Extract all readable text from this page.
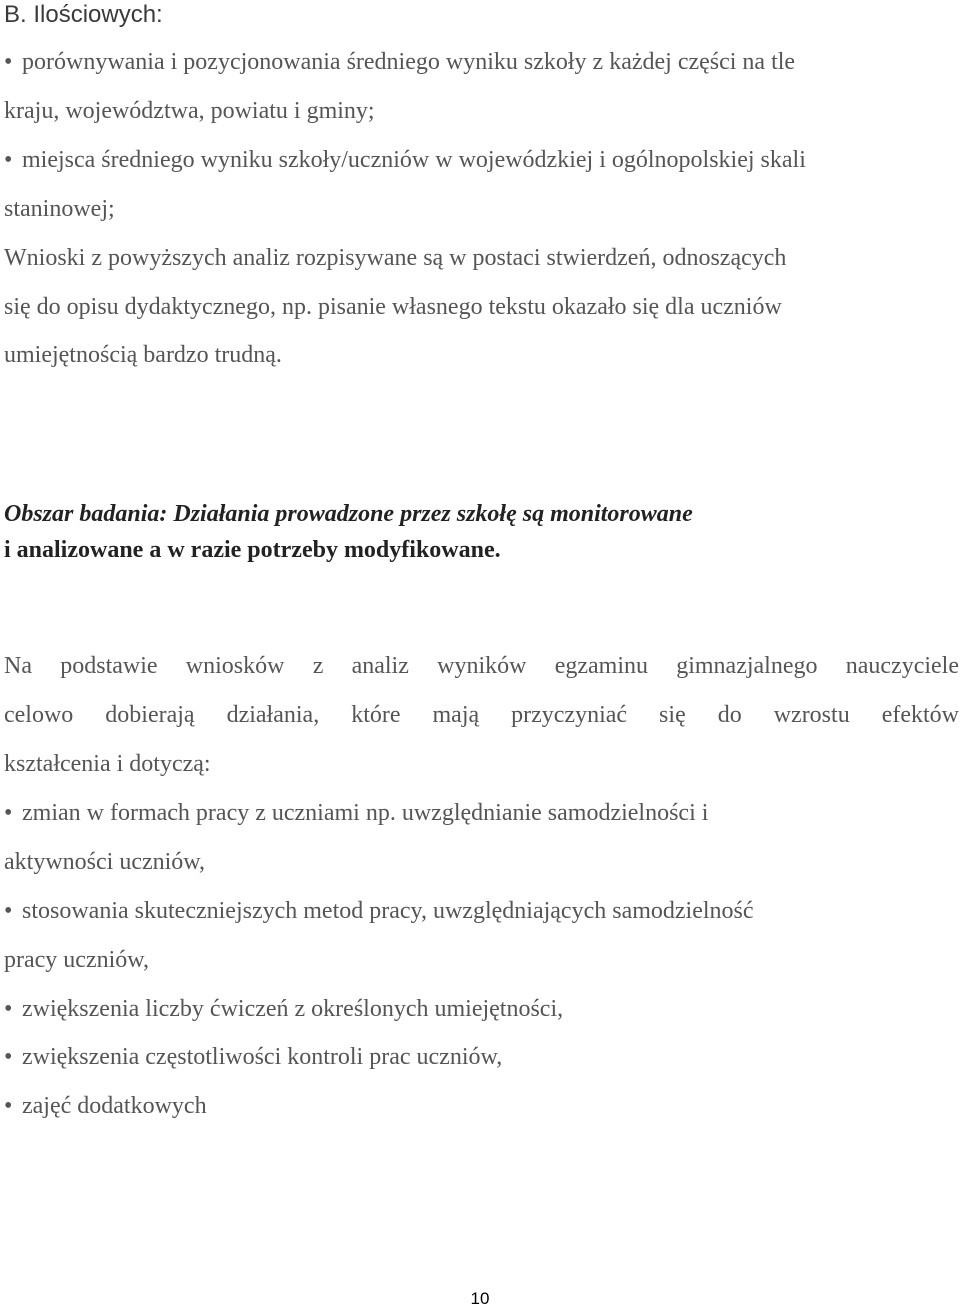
B. Ilościowych:
• porównywania i pozycjonowania średniego wyniku szkoły z każdej części na tle
kraju, województwa, powiatu i gminy;
• miejsca średniego wyniku szkoły/uczniów w wojewódzkiej i ogólnopolskiej skali
staninowej;
Wnioski z powyższych analiz rozpisywane są w postaci stwierdzeń, odnoszących
się do opisu dydaktycznego, np. pisanie własnego tekstu okazało się dla uczniów
umiejętnością bardzo trudną.
Obszar badania: Działania prowadzone przez szkołę są monitorowane
i analizowane a w razie potrzeby modyfikowane.
Na podstawie wniosków z analiz wyników egzaminu gimnazjalnego nauczyciele
celowo dobierają działania, które mają przyczyniać się do wzrostu efektów
kształcenia i dotyczą:
• zmian w formach pracy z uczniami np. uwzględnianie samodzielności i
aktywności uczniów,
• stosowania skuteczniejszych metod pracy, uwzględniających samodzielność
pracy uczniów,
• zwiększenia liczby ćwiczeń z określonych umiejętności,
• zwiększenia częstotliwości kontroli prac uczniów,
• zajęć dodatkowych
10
